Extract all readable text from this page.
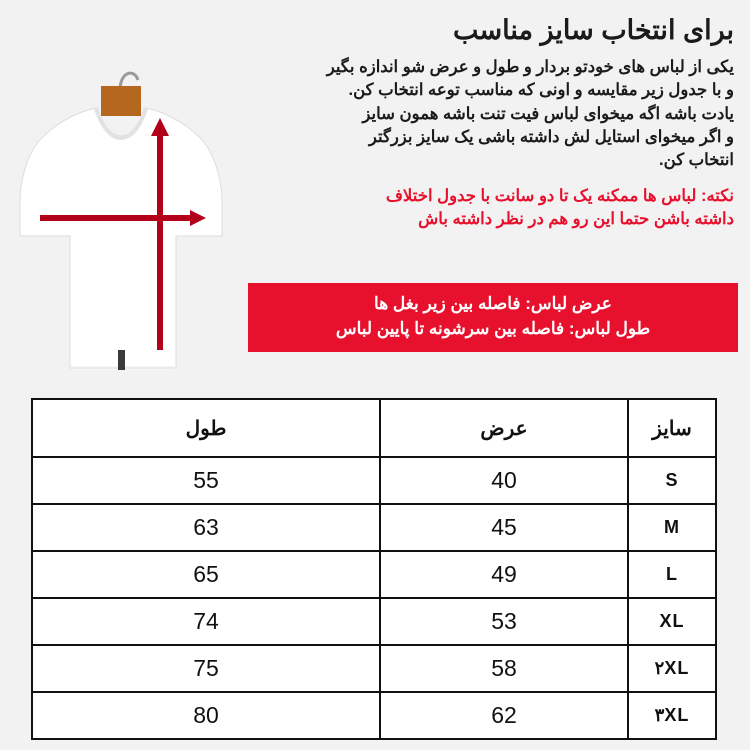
برای انتخاب سایز مناسب
یکی از لباس های خودتو بردار و طول و عرض شو اندازه بگیر
و با جدول زیر مقایسه و اونی که مناسب توعه انتخاب کن.
یادت باشه اگه میخوای لباس فیت تنت باشه همون سایز
و اگر میخوای استایل لش داشته باشی یک سایز بزرگتر
انتخاب کن.
نکته: لباس ها ممکنه یک تا دو سانت با جدول اختلاف
داشته باشن حتما این رو هم در نظر داشته باش
عرض لباس: فاصله بین زیر بغل ها
طول لباس: فاصله بین سرشونه تا پایین لباس
سایز	عرض	طول
S	40	55
M	45	63
L	49	65
XL	53	74
۲XL	58	75
۳XL	62	80
